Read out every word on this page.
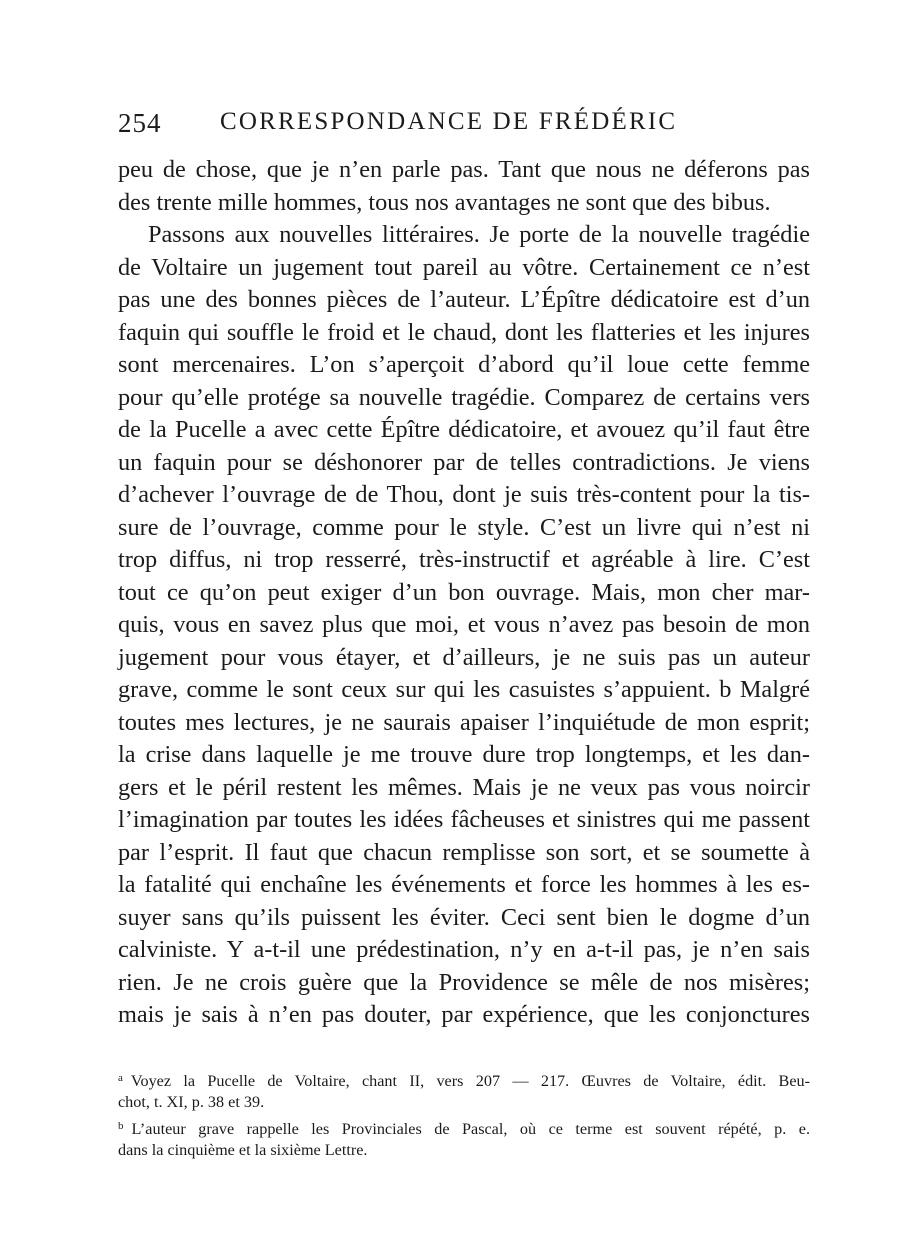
254 CORRESPONDANCE DE FRÉDÉRIC
peu de chose, que je n’en parle pas. Tant que nous ne déferons pas
des trente mille hommes, tous nos avantages ne sont que des bibus.
Passons aux nouvelles littéraires. Je porte de la nouvelle tragédie
de Voltaire un jugement tout pareil au vôtre. Certainement ce n’est
pas une des bonnes pièces de l’auteur. L’Épître dédicatoire est d’un
faquin qui souffle le froid et le chaud, dont les flatteries et les injures
sont mercenaires. L’on s’aperçoit d’abord qu’il loue cette femme
pour qu’elle protége sa nouvelle tragédie. Comparez de certains vers
de la Pucelle a avec cette Épître dédicatoire, et avouez qu’il faut être
un faquin pour se déshonorer par de telles contradictions. Je viens
d’achever l’ouvrage de de Thou, dont je suis très-content pour la tis-
sure de l’ouvrage, comme pour le style. C’est un livre qui n’est ni
trop diffus, ni trop resserré, très-instructif et agréable à lire. C’est
tout ce qu’on peut exiger d’un bon ouvrage. Mais, mon cher mar-
quis, vous en savez plus que moi, et vous n’avez pas besoin de mon
jugement pour vous étayer, et d’ailleurs, je ne suis pas un auteur
grave, comme le sont ceux sur qui les casuistes s’appuient. b Malgré
toutes mes lectures, je ne saurais apaiser l’inquiétude de mon esprit;
la crise dans laquelle je me trouve dure trop longtemps, et les dan-
gers et le péril restent les mêmes. Mais je ne veux pas vous noircir
l’imagination par toutes les idées fâcheuses et sinistres qui me passent
par l’esprit. Il faut que chacun remplisse son sort, et se soumette à
la fatalité qui enchaîne les événements et force les hommes à les es-
suyer sans qu’ils puissent les éviter. Ceci sent bien le dogme d’un
calviniste. Y a-t-il une prédestination, n’y en a-t-il pas, je n’en sais
rien. Je ne crois guère que la Providence se mêle de nos misères;
mais je sais à n’en pas douter, par expérience, que les conjonctures
$^a$ Voyez la Pucelle de Voltaire, chant II, vers 207 — 217. Œuvres de Voltaire, édit. Beu-
chot, t. XI, p. 38 et 39.
$^b$ L’auteur grave rappelle les Provinciales de Pascal, où ce terme est souvent répété, p. e.
dans la cinquième et la sixième Lettre.
